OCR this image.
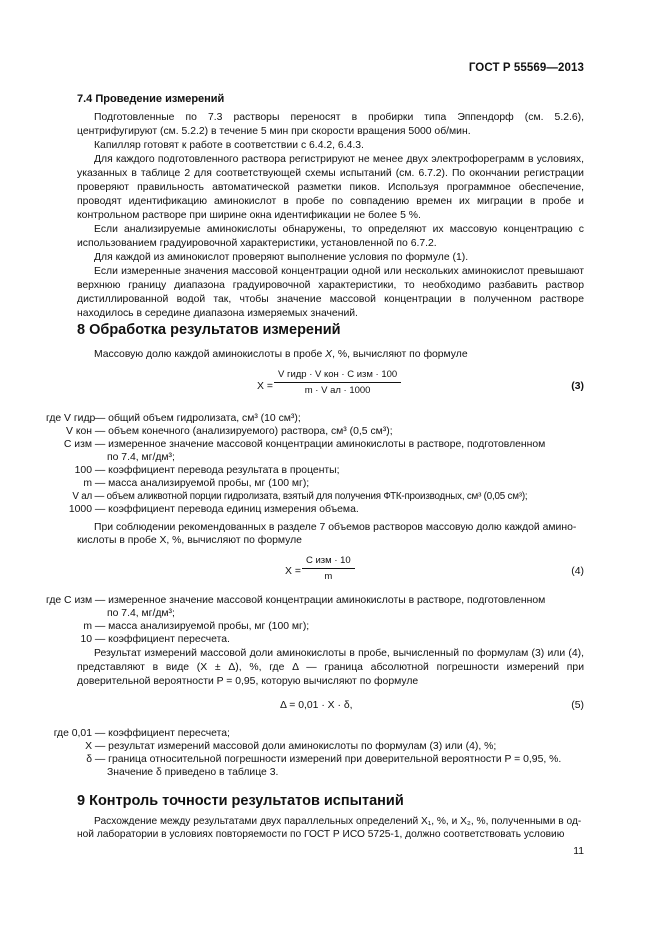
ГОСТ Р 55569—2013
7.4 Проведение измерений

Подготовленные по 7.3 растворы переносят в пробирки типа Эппендорф (см. 5.2.6), центрифугируют (см. 5.2.2) в течение 5 мин при скорости вращения 5000 об/мин.

Капилляр готовят к работе в соответствии с 6.4.2, 6.4.3.

Для каждого подготовленного раствора регистрируют не менее двух электрофореграмм в условиях, указанных в таблице 2 для соответствующей схемы испытаний (см. 6.7.2). По окончании регистрации проверяют правильность автоматической разметки пиков. Используя программное обеспечение, проводят идентификацию аминокислот в пробе по совпадению времен их миграции в пробе и контрольном растворе при ширине окна идентификации не более 5 %.

Если анализируемые аминокислоты обнаружены, то определяют их массовую концентрацию с использованием градуировочной характеристики, установленной по 6.7.2.

Для каждой из аминокислот проверяют выполнение условия по формуле (1).

Если измеренные значения массовой концентрации одной или нескольких аминокислот превышают верхнюю границу диапазона градуировочной характеристики, то необходимо разбавить раствор дистиллированной водой так, чтобы значение массовой концентрации в полученном растворе находилось в середине диапазона измеряемых значений.

8 Обработка результатов измерений
Массовую долю каждой аминокислоты в пробе X, %, вычисляют по формуле
X =
V гидр · V кон · C изм · 100
m · V ал · 1000	(3)
где V гидр — общий объем гидролизата, см³ (10 см³);
V кон — объем конечного (анализируемого) раствора, см³ (0,5 см³);
C изм — измеренное значение массовой концентрации аминокислоты в растворе, подготовленном
по 7.4, мг/дм³;
100 — коэффициент перевода результата в проценты;
m — масса анализируемой пробы, мг (100 мг);
V ал — объем аликвотной порции гидролизата, взятый для получения ФТК-производных, см³ (0,05 см³);
1000 — коэффициент перевода единиц измерения объема.
При соблюдении рекомендованных в разделе 7 объемов растворов массовую долю каждой амино-
кислоты в пробе X, %, вычисляют по формуле
X =
C изм · 10
m	(4)
где C изм — измеренное значение массовой концентрации аминокислоты в растворе, подготовленном
по 7.4, мг/дм³;
m — масса анализируемой пробы, мг (100 мг);
10 — коэффициент пересчета.

Результат измерений массовой доли аминокислоты в пробе, вычисленный по формулам (3) или (4), представляют в виде (X ± Δ), %, где Δ — граница абсолютной погрешности измерений при доверительной вероятности P = 0,95, которую вычисляют по формуле

Δ = 0,01 · X · δ,	(5)
где 0,01 — коэффициент пересчета;
X — результат измерений массовой доли аминокислоты по формулам (3) или (4), %;
δ — граница относительной погрешности измерений при доверительной вероятности P = 0,95, %.
Значение δ приведено в таблице 3.
9 Контроль точности результатов испытаний
Расхождение между результатами двух параллельных определений X₁, %, и X₂, %, полученными в од-
ной лаборатории в условиях повторяемости по ГОСТ Р ИСО 5725-1, должно соответствовать условию
11
